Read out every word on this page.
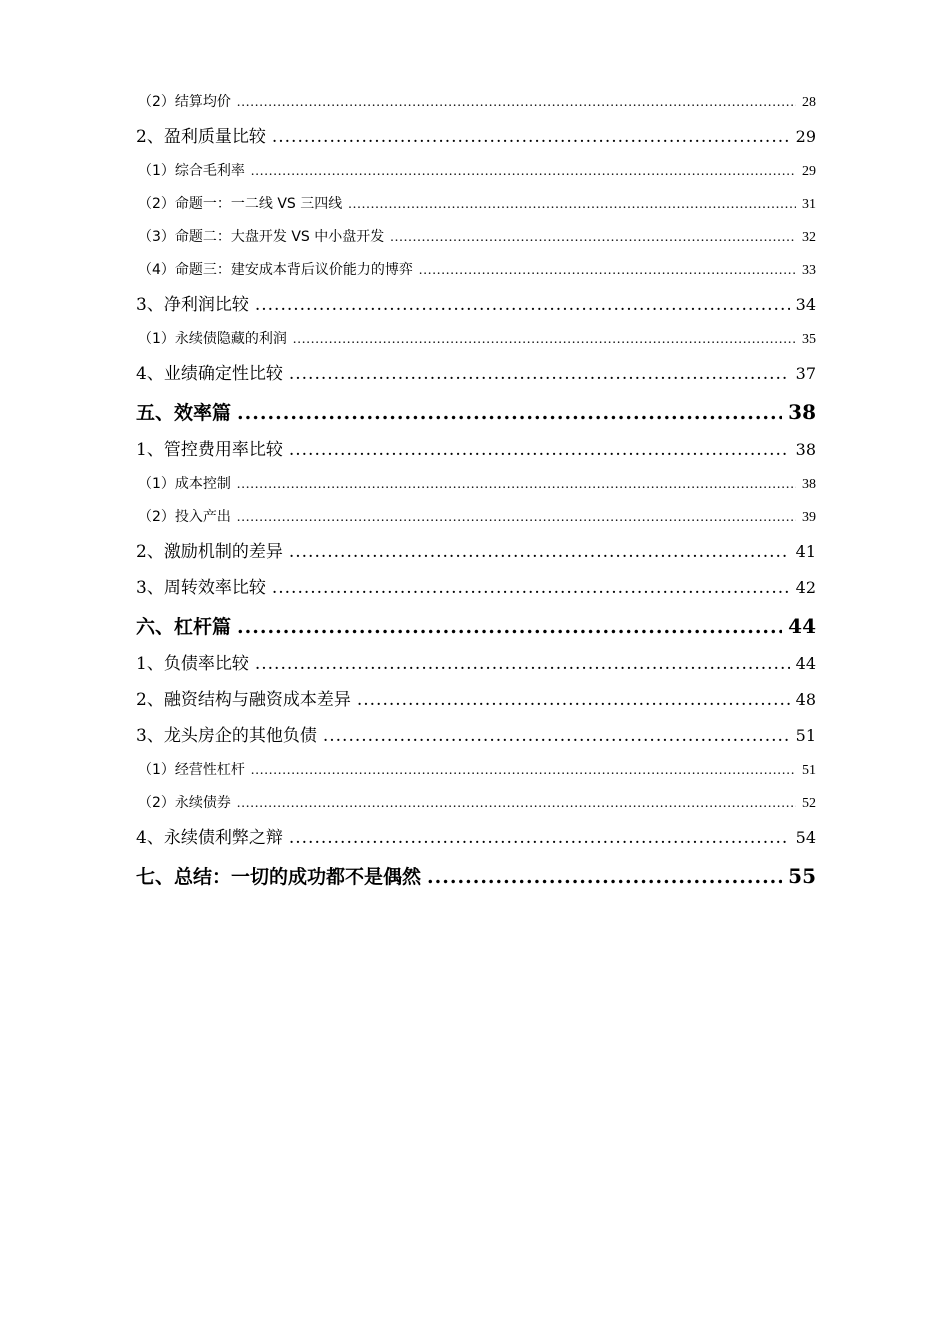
（2）结算均价 .....	28
2、盈利质量比较 .....	29
（1）综合毛利率 .....	29
（2）命题一：一二线 VS 三四线 .....	31
（3）命题二：大盘开发 VS 中小盘开发 .....	32
（4）命题三：建安成本背后议价能力的博弈 .....	33
3、净利润比较 .....	34
（1）永续债隐藏的利润 .....	35
4、业绩确定性比较 .....	37
五、效率篇 .....	38
1、管控费用率比较 .....	38
（1）成本控制 .....	38
（2）投入产出 .....	39
2、激励机制的差异 .....	41
3、周转效率比较 .....	42
六、杠杆篇 .....	44
1、负债率比较 .....	44
2、融资结构与融资成本差异 .....	48
3、龙头房企的其他负债 .....	51
（1）经营性杠杆 .....	51
（2）永续债券 .....	52
4、永续债利弊之辩 .....	54
七、总结：一切的成功都不是偶然 .....	55
